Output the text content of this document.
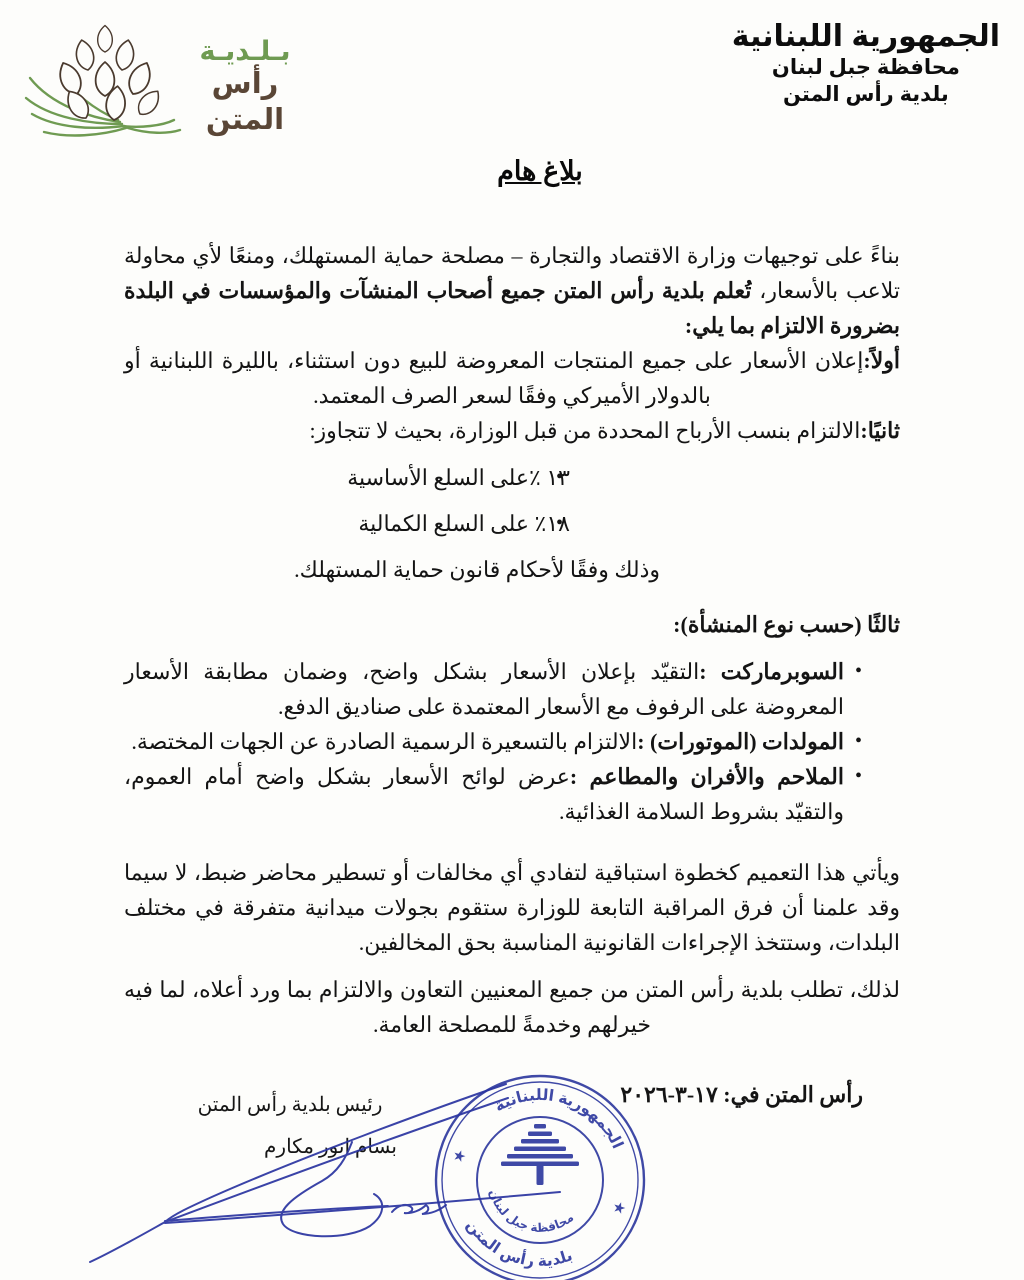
بـلـديـة
رأس المتن
الجمهورية اللبنانية
محافظة جبل لبنان
بلدية رأس المتن
بلاغ هام

بناءً على توجيهات وزارة الاقتصاد والتجارة – مصلحة حماية المستهلك، ومنعًا لأي محاولة تلاعب بالأسعار، تُعلم بلدية رأس المتن جميع أصحاب المنشآت والمؤسسات في البلدة بضرورة الالتزام بما يلي:

أولاً:إعلان الأسعار على جميع المنتجات المعروضة للبيع دون استثناء، بالليرة اللبنانية أو بالدولار الأميركي وفقًا لسعر الصرف المعتمد.

ثانيًا:الالتزام بنسب الأرباح المحددة من قبل الوزارة، بحيث لا تتجاوز:

• ١٣ ٪على السلع الأساسية
• ١٨٪ على السلع الكمالية

وذلك وفقًا لأحكام قانون حماية المستهلك.

ثالثًا (حسب نوع المنشأة):

• السوبرماركت :التقيّد بإعلان الأسعار بشكل واضح، وضمان مطابقة الأسعار المعروضة على الرفوف مع الأسعار المعتمدة على صناديق الدفع.
• المولدات (الموتورات) :الالتزام بالتسعيرة الرسمية الصادرة عن الجهات المختصة.
• الملاحم والأفران والمطاعم :عرض لوائح الأسعار بشكل واضح أمام العموم، والتقيّد بشروط السلامة الغذائية.

ويأتي هذا التعميم كخطوة استباقية لتفادي أي مخالفات أو تسطير محاضر ضبط، لا سيما وقد علمنا أن فرق المراقبة التابعة للوزارة ستقوم بجولات ميدانية متفرقة في مختلف البلدات، وستتخذ الإجراءات القانونية المناسبة بحق المخالفين.

لذلك، تطلب بلدية رأس المتن من جميع المعنيين التعاون والالتزام بما ورد أعلاه، لما فيه خيرلهم وخدمةً للمصلحة العامة.

رأس المتن في: ١٧-٣-٢٠٢٦
رئيس بلدية رأس المتن
بسام انور مكارم
الجمهورية اللبنانية
بلدية رأس المتن
محافظة جبل لبنان
★
★
